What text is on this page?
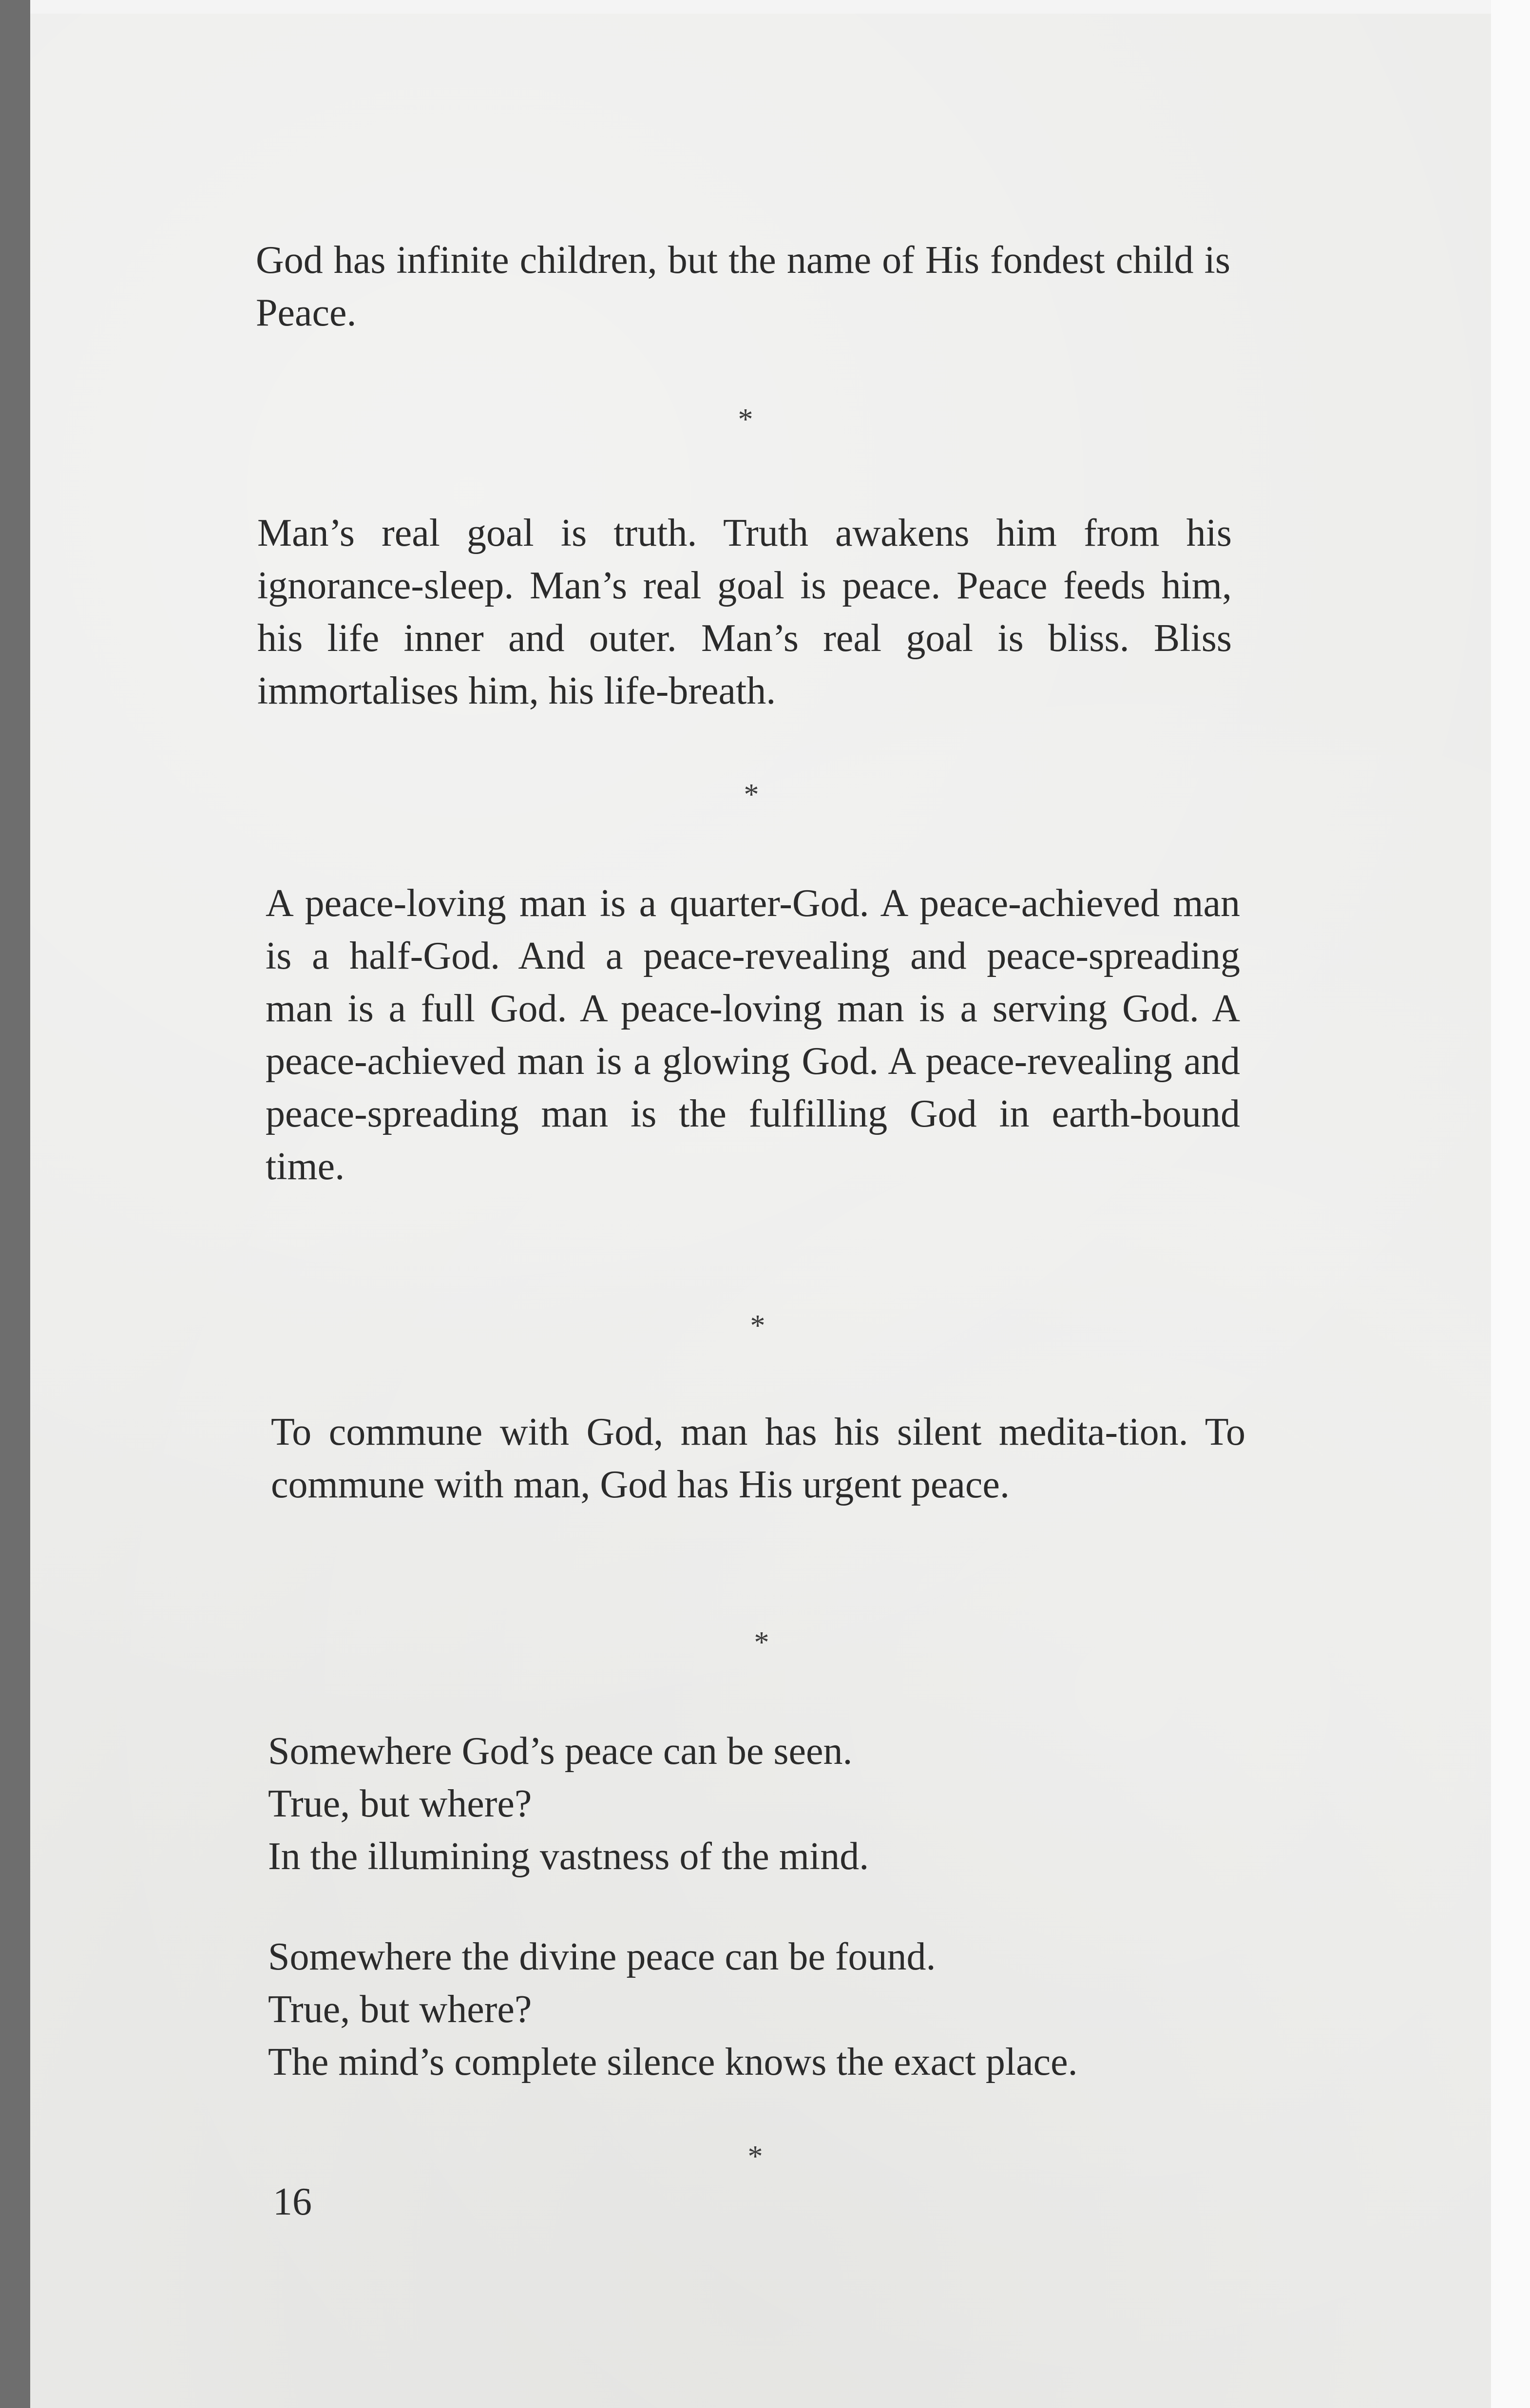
God has infinite children, but the name of His fondest child is Peace.

*

Man’s real goal is truth. Truth awakens him from his ignorance-sleep. Man’s real goal is peace. Peace feeds him, his life inner and outer. Man’s real goal is bliss. Bliss immortalises him, his life-breath.

*

A peace-loving man is a quarter-God. A peace-achieved man is a half-God. And a peace-revealing and peace-spreading man is a full God. A peace-loving man is a serving God. A peace-achieved man is a glowing God. A peace-revealing and peace-spreading man is the fulfilling God in earth-bound time.

*

To commune with God, man has his silent medita-tion. To commune with man, God has His urgent peace.

*

Somewhere God’s peace can be seen.

True, but where?

In the illumining vastness of the mind.

Somewhere the divine peace can be found.

True, but where?

The mind’s complete silence knows the exact place.

*

16
